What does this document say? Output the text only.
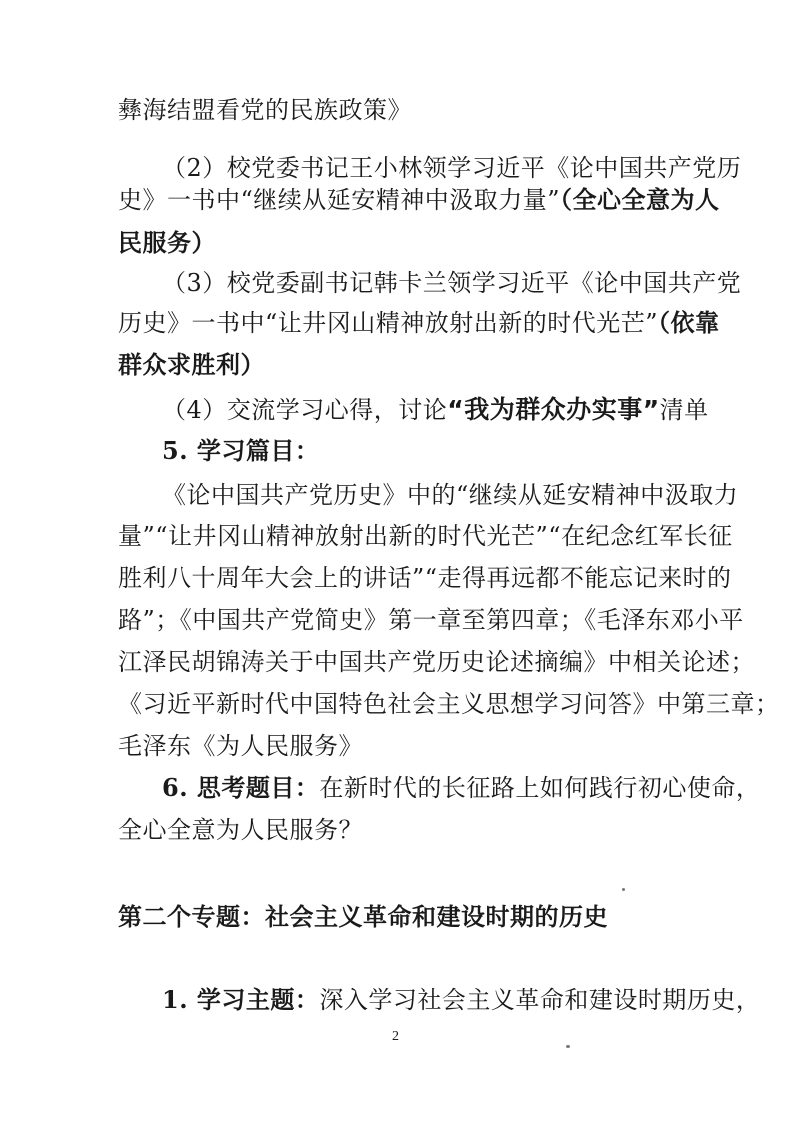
彝海结盟看党的民族政策》
（2）校党委书记王小林领学习近平《论中国共产党历
史》一书中“继续从延安精神中汲取力量”（全心全意为人
民服务）
（3）校党委副书记韩卡兰领学习近平《论中国共产党
历史》一书中“让井冈山精神放射出新的时代光芒”（依靠
群众求胜利）
（4）交流学习心得，讨论“我为群众办实事”清单
5. 学习篇目：
《论中国共产党历史》中的“继续从延安精神中汲取力
量”“让井冈山精神放射出新的时代光芒”“在纪念红军长征
胜利八十周年大会上的讲话”“走得再远都不能忘记来时的
路”；《中国共产党简史》第一章至第四章；《毛泽东邓小平
江泽民胡锦涛关于中国共产党历史论述摘编》中相关论述；
《习近平新时代中国特色社会主义思想学习问答》中第三章；
毛泽东《为人民服务》
6. 思考题目：在新时代的长征路上如何践行初心使命，
全心全意为人民服务？
第二个专题：社会主义革命和建设时期的历史
1. 学习主题：深入学习社会主义革命和建设时期历史，
2
